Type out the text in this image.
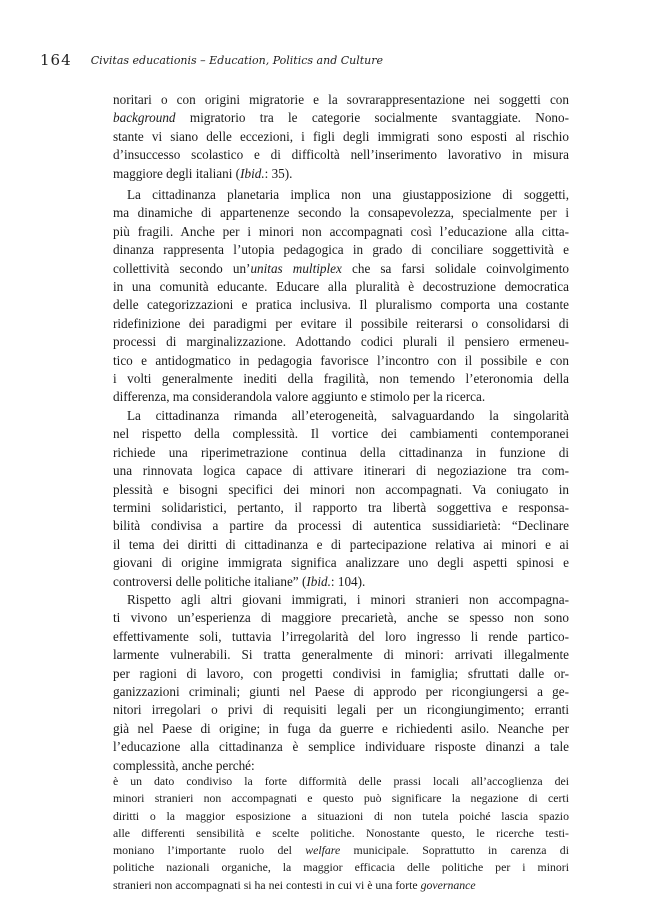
164 Civitas educationis – Education, Politics and Culture
noritari o con origini migratorie e la sovrarappresentazione nei soggetti con
background migratorio tra le categorie socialmente svantaggiate. Nono-
stante vi siano delle eccezioni, i figli degli immigrati sono esposti al rischio
d’insuccesso scolastico e di difficoltà nell’inserimento lavorativo in misura
maggiore degli italiani (Ibid.: 35).
La cittadinanza planetaria implica non una giustapposizione di soggetti,
ma dinamiche di appartenenze secondo la consapevolezza, specialmente per i
più fragili. Anche per i minori non accompagnati così l’educazione alla citta-
dinanza rappresenta l’utopia pedagogica in grado di conciliare soggettività e
collettività secondo un’unitas multiplex che sa farsi solidale coinvolgimento
in una comunità educante. Educare alla pluralità è decostruzione democratica
delle categorizzazioni e pratica inclusiva. Il pluralismo comporta una costante
ridefinizione dei paradigmi per evitare il possibile reiterarsi o consolidarsi di
processi di marginalizzazione. Adottando codici plurali il pensiero ermeneu-
tico e antidogmatico in pedagogia favorisce l’incontro con il possibile e con
i volti generalmente inediti della fragilità, non temendo l’eteronomia della
differenza, ma considerandola valore aggiunto e stimolo per la ricerca.
La cittadinanza rimanda all’eterogeneità, salvaguardando la singolarità
nel rispetto della complessità. Il vortice dei cambiamenti contemporanei
richiede una riperimetrazione continua della cittadinanza in funzione di
una rinnovata logica capace di attivare itinerari di negoziazione tra com-
plessità e bisogni specifici dei minori non accompagnati. Va coniugato in
termini solidaristici, pertanto, il rapporto tra libertà soggettiva e responsa-
bilità condivisa a partire da processi di autentica sussidiarietà: “Declinare
il tema dei diritti di cittadinanza e di partecipazione relativa ai minori e ai
giovani di origine immigrata significa analizzare uno degli aspetti spinosi e
controversi delle politiche italiane” (Ibid.: 104).
Rispetto agli altri giovani immigrati, i minori stranieri non accompagna-
ti vivono un’esperienza di maggiore precarietà, anche se spesso non sono
effettivamente soli, tuttavia l’irregolarità del loro ingresso li rende partico-
larmente vulnerabili. Si tratta generalmente di minori: arrivati illegalmente
per ragioni di lavoro, con progetti condivisi in famiglia; sfruttati dalle or-
ganizzazioni criminali; giunti nel Paese di approdo per ricongiungersi a ge-
nitori irregolari o privi di requisiti legali per un ricongiungimento; erranti
già nel Paese di origine; in fuga da guerre e richiedenti asilo. Neanche per
l’educazione alla cittadinanza è semplice individuare risposte dinanzi a tale
complessità, anche perché:
è un dato condiviso la forte difformità delle prassi locali all’accoglienza dei
minori stranieri non accompagnati e questo può significare la negazione di certi
diritti o la maggior esposizione a situazioni di non tutela poiché lascia spazio
alle differenti sensibilità e scelte politiche. Nonostante questo, le ricerche testi-
moniano l’importante ruolo del welfare municipale. Soprattutto in carenza di
politiche nazionali organiche, la maggior efficacia delle politiche per i minori
stranieri non accompagnati si ha nei contesti in cui vi è una forte governance
